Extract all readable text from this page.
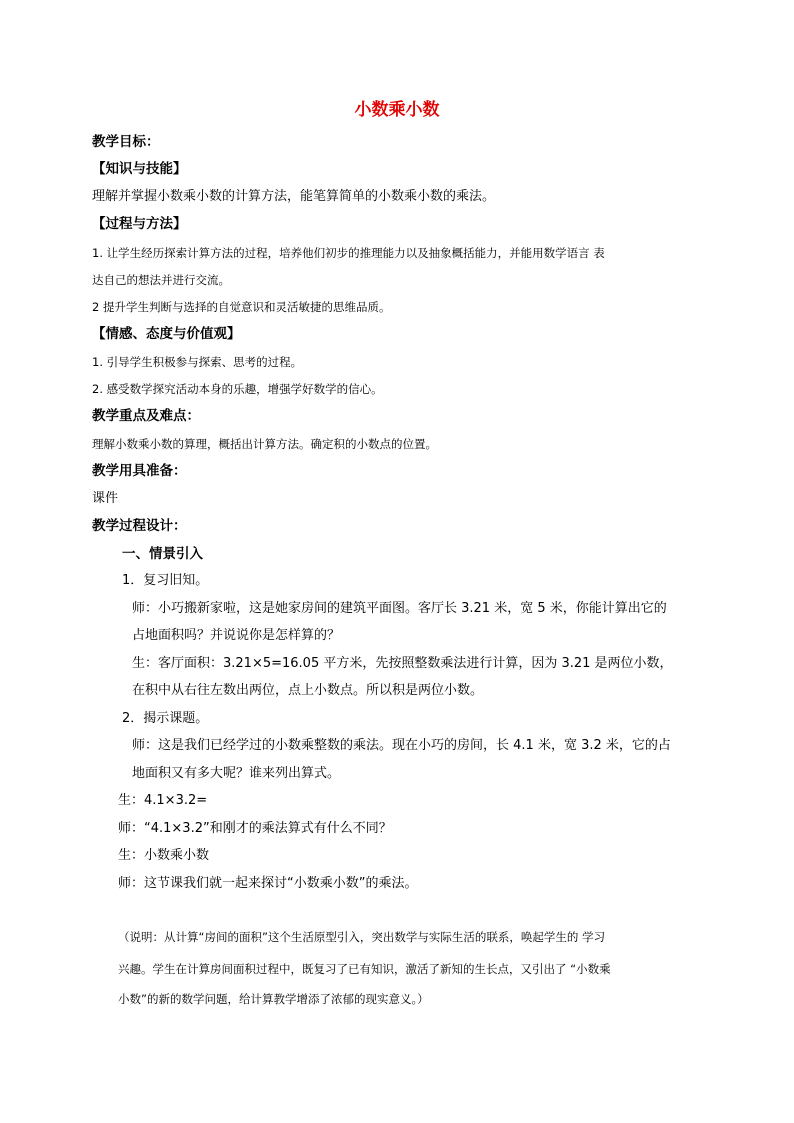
小数乘小数
教学目标：
【知识与技能】
理解并掌握小数乘小数的计算方法，能笔算简单的小数乘小数的乘法。
【过程与方法】
1. 让学生经历探索计算方法的过程，培养他们初步的推理能力以及抽象概括能力，并能用数学语言 表
达自己的想法并进行交流。
2 提升学生判断与选择的自觉意识和灵活敏捷的思维品质。
【情感、态度与价值观】
1. 引导学生积极参与探索、思考的过程。
2. 感受数学探究活动本身的乐趣，增强学好数学的信心。
教学重点及难点：
理解小数乘小数的算理，概括出计算方法。确定积的小数点的位置。
教学用具准备：
课件
教学过程设计：
一、情景引入
1．复习旧知。
师：小巧搬新家啦，这是她家房间的建筑平面图。客厅长 3.21 米，宽 5 米，你能计算出它的
占地面积吗？并说说你是怎样算的？
生：客厅面积：3.21×5=16.05 平方米，先按照整数乘法进行计算，因为 3.21 是两位小数，
在积中从右往左数出两位，点上小数点。所以积是两位小数。
2．揭示课题。
师：这是我们已经学过的小数乘整数的乘法。现在小巧的房间，长 4.1 米，宽 3.2 米，它的占
地面积又有多大呢？谁来列出算式。
生：4.1×3.2=
师：“4.1×3.2”和刚才的乘法算式有什么不同？
生：小数乘小数
师：这节课我们就一起来探讨“小数乘小数”的乘法。
（说明：从计算“房间的面积”这个生活原型引入，突出数学与实际生活的联系，唤起学生的 学习
兴趣。学生在计算房间面积过程中，既复习了已有知识，激活了新知的生长点，又引出了 “小数乘
小数”的新的数学问题，给计算教学增添了浓郁的现实意义。）
